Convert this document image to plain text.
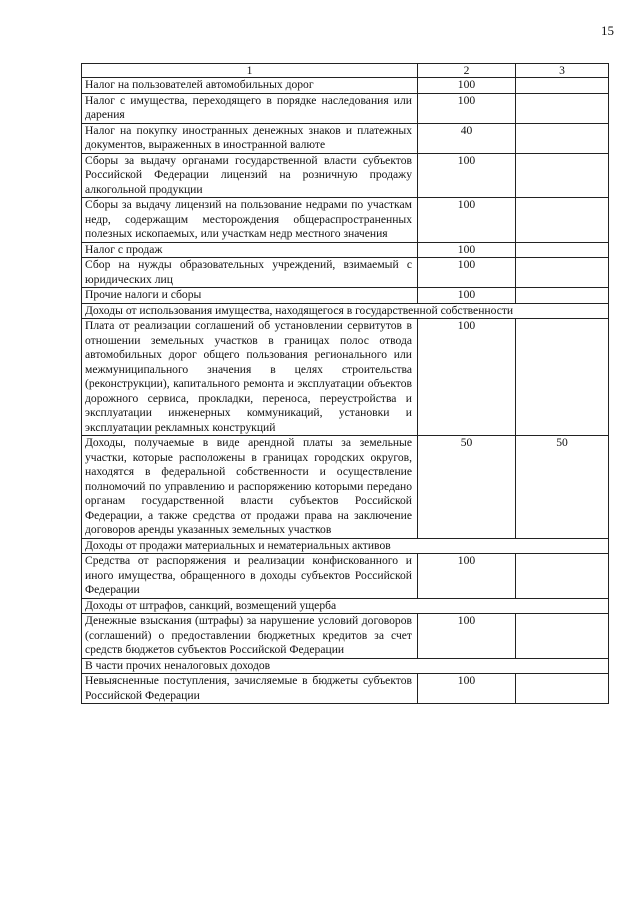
15
1	2	3
Налог на пользователей автомобильных дорог	100	
Налог с имущества, переходящего в порядке наследования или дарения	100	
Налог на покупку иностранных денежных знаков и платежных документов, выраженных в иностранной валюте	40	
Сборы за выдачу органами государственной власти субъектов Российской Федерации лицензий на розничную продажу алкогольной продукции	100	
Сборы за выдачу лицензий на пользование недрами по участкам недр, содержащим месторождения общераспространенных полезных ископаемых, или участкам недр местного значения	100	
Налог с продаж	100	
Сбор на нужды образовательных учреждений, взимаемый с юридических лиц	100	
Прочие налоги и сборы	100	
Доходы от использования имущества, находящегося в государственной собственности		
Плата от реализации соглашений об установлении сервитутов в отношении земельных участков в границах полос отвода автомобильных дорог общего пользования регионального или межмуниципального значения в целях строительства (реконструкции), капитального ремонта и эксплуатации объектов дорожного сервиса, прокладки, переноса, переустройства и эксплуатации инженерных коммуникаций, установки и эксплуатации рекламных конструкций	100	
Доходы, получаемые в виде арендной платы за земельные участки, которые расположены в границах городских округов, находятся в федеральной собственности и осуществление полномочий по управлению и распоряжению которыми передано органам государственной власти субъектов Российской Федерации, а также средства от продажи права на заключение договоров аренды указанных земельных участков	50	50
Доходы от продажи материальных и нематериальных активов		
Средства от распоряжения и реализации конфискованного и иного имущества, обращенного в доходы субъектов Российской Федерации	100	
Доходы от штрафов, санкций, возмещений ущерба		
Денежные взыскания (штрафы) за нарушение условий договоров (соглашений) о предоставлении бюджетных кредитов за счет средств бюджетов субъектов Российской Федерации	100	
В части прочих неналоговых доходов		
Невыясненные поступления, зачисляемые в бюджеты субъектов Российской Федерации	100	
